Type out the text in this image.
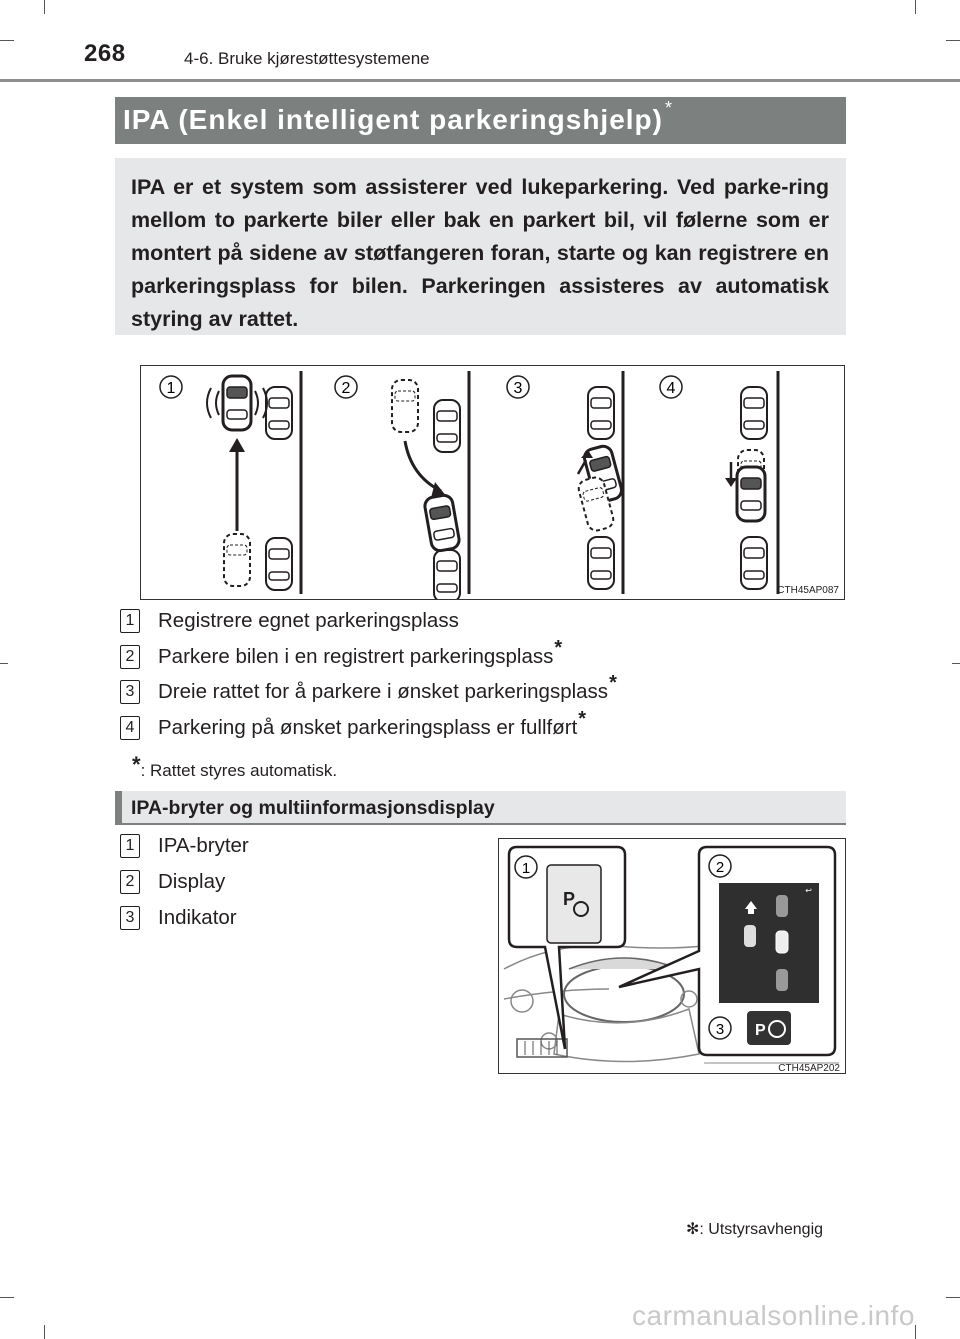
268	4-6. Bruke kjørestøttesystemene
IPA (Enkel intelligent parkeringshjelp) *
IPA er et system som assisterer ved lukeparkering. Ved parke-ring mellom to parkerte biler eller bak en parkert bil, vil følerne som er montert på sidene av støtfangeren foran, starte og kan registrere en parkeringsplass for bilen. Parkeringen assisteres av automatisk styring av rattet.
1	2	3	4
CTH45AP087
1 Registrere egnet parkeringsplass
2 Parkere bilen i en registrert parkeringsplass *
3 Dreie rattet for å parkere i ønsket parkeringsplass *
4 Parkering på ønsket parkeringsplass er fullført *
*: Rattet styres automatisk.
IPA-bryter og multiinformasjonsdisplay
1 IPA-bryter
2 Display
3 Indikator
P
1
↩
2
3 P
CTH45AP202
✻: Utstyrsavhengig
carmanualsonline.info
